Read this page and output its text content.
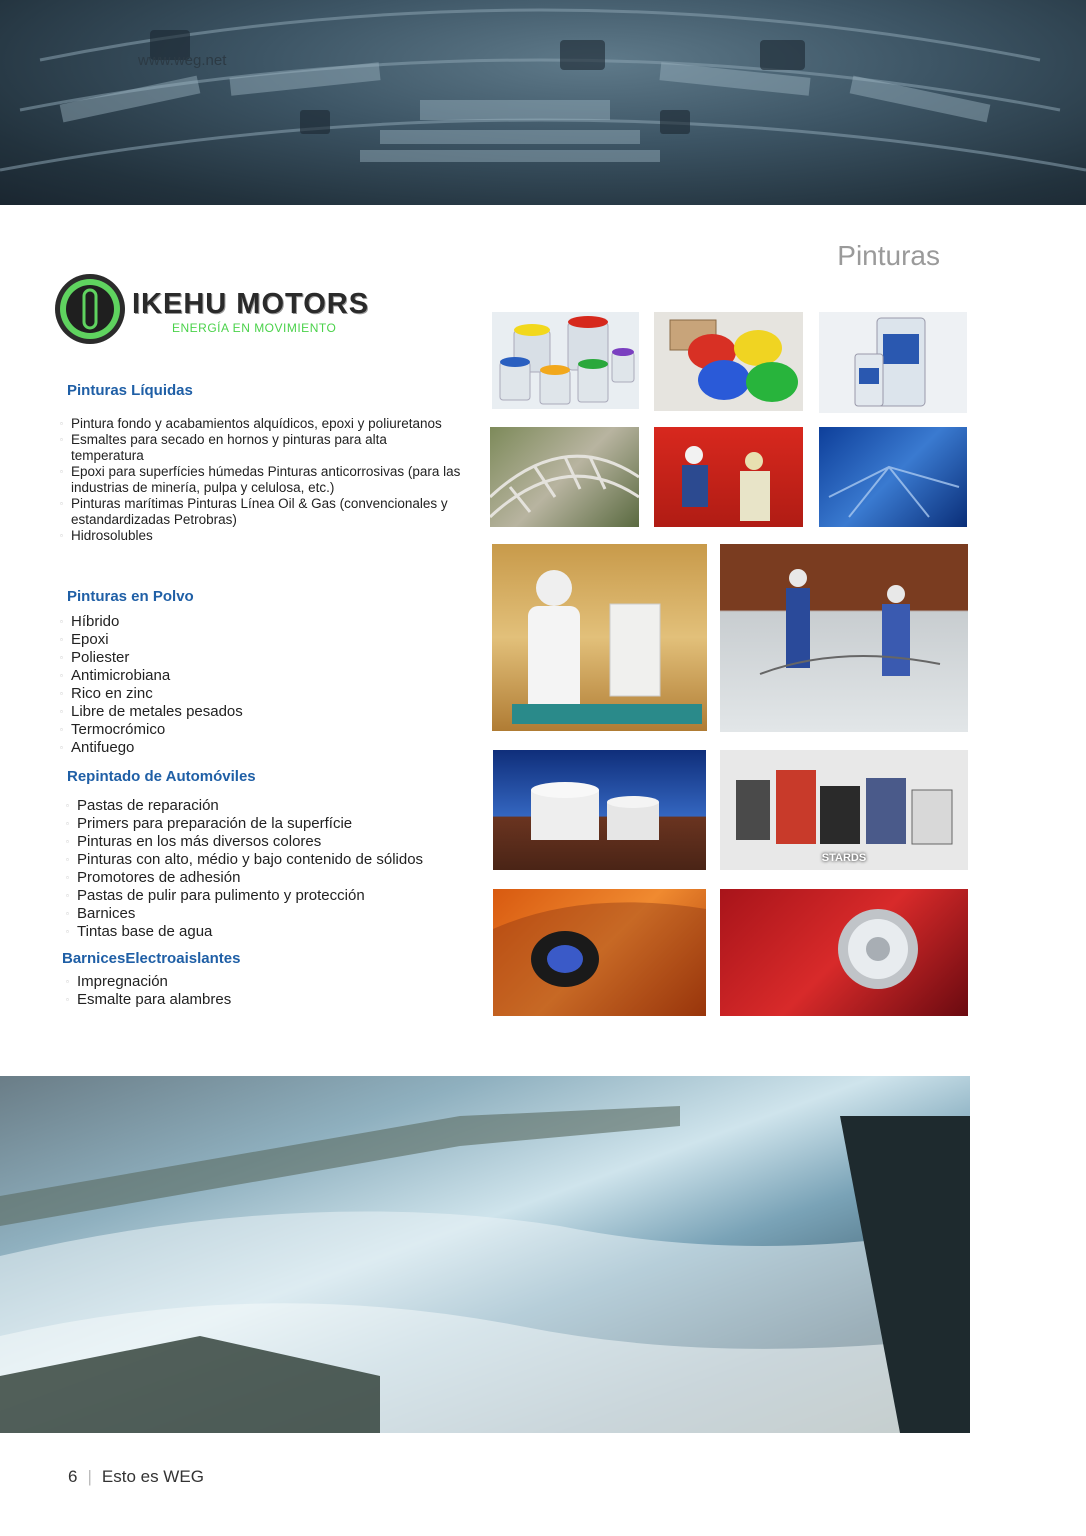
www.weg.net
Pinturas
IKEHU MOTORS
ENERGÍA EN MOVIMIENTO
Pinturas Líquidas
▫ Pintura fondo y acabamientos alquídicos, epoxi y poliuretanos
▫ Esmaltes para secado en hornos y pinturas para alta temperatura
▫ Epoxi para superfícies húmedas Pinturas anticorrosivas (para las industrias de minería, pulpa y celulosa, etc.)
▫ Pinturas marítimas Pinturas Línea Oil & Gas (convencionales y estandardizadas Petrobras)
▫ Hidrosolubles
Pinturas en Polvo
▫ Híbrido
▫ Epoxi
▫ Poliester
▫ Antimicrobiana
▫ Rico en zinc
▫ Libre de metales pesados
▫ Termocrómico
▫ Antifuego
Repintado de Automóviles
▫ Pastas de reparación
▫ Primers para preparación de la superfície
▫ Pinturas en los más diversos colores
▫ Pinturas con alto, médio y bajo contenido de sólidos
▫ Promotores de adhesión
▫ Pastas de pulir para pulimento y protección
▫ Barnices
▫ Tintas base de agua
BarnicesElectroaislantes
▫ Impregnación
▫ Esmalte para alambres
STARDS
6 | Esto es WEG
